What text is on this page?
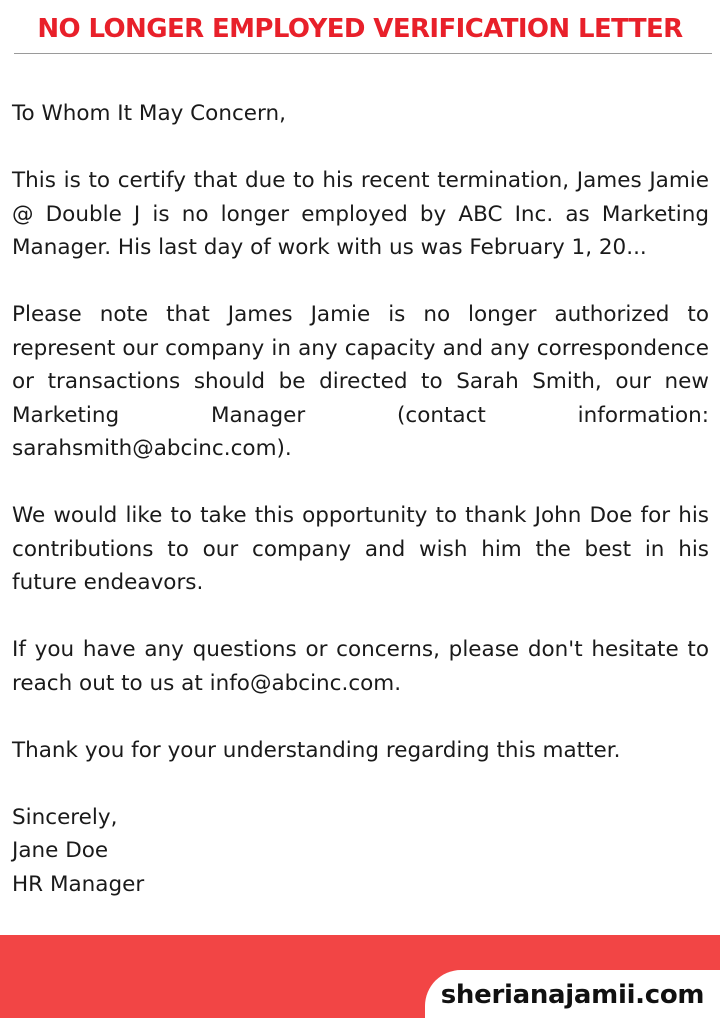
NO LONGER EMPLOYED VERIFICATION LETTER

To Whom It May Concern,

This is to certify that due to his recent termination, James Jamie @ Double J is no longer employed by ABC Inc. as Marketing Manager. His last day of work with us was February 1, 20...

Please note that James Jamie is no longer authorized to represent our company in any capacity and any correspondence or transactions should be directed to Sarah Smith, our new Marketing Manager (contact information:
sarahsmith@abcinc.com).

We would like to take this opportunity to thank John Doe for his contributions to our company and wish him the best in his future endeavors.

If you have any questions or concerns, please don't hesitate to reach out to us at info@abcinc.com.

Thank you for your understanding regarding this matter.

Sincerely,
Jane Doe
HR Manager
sherianajamii.com
